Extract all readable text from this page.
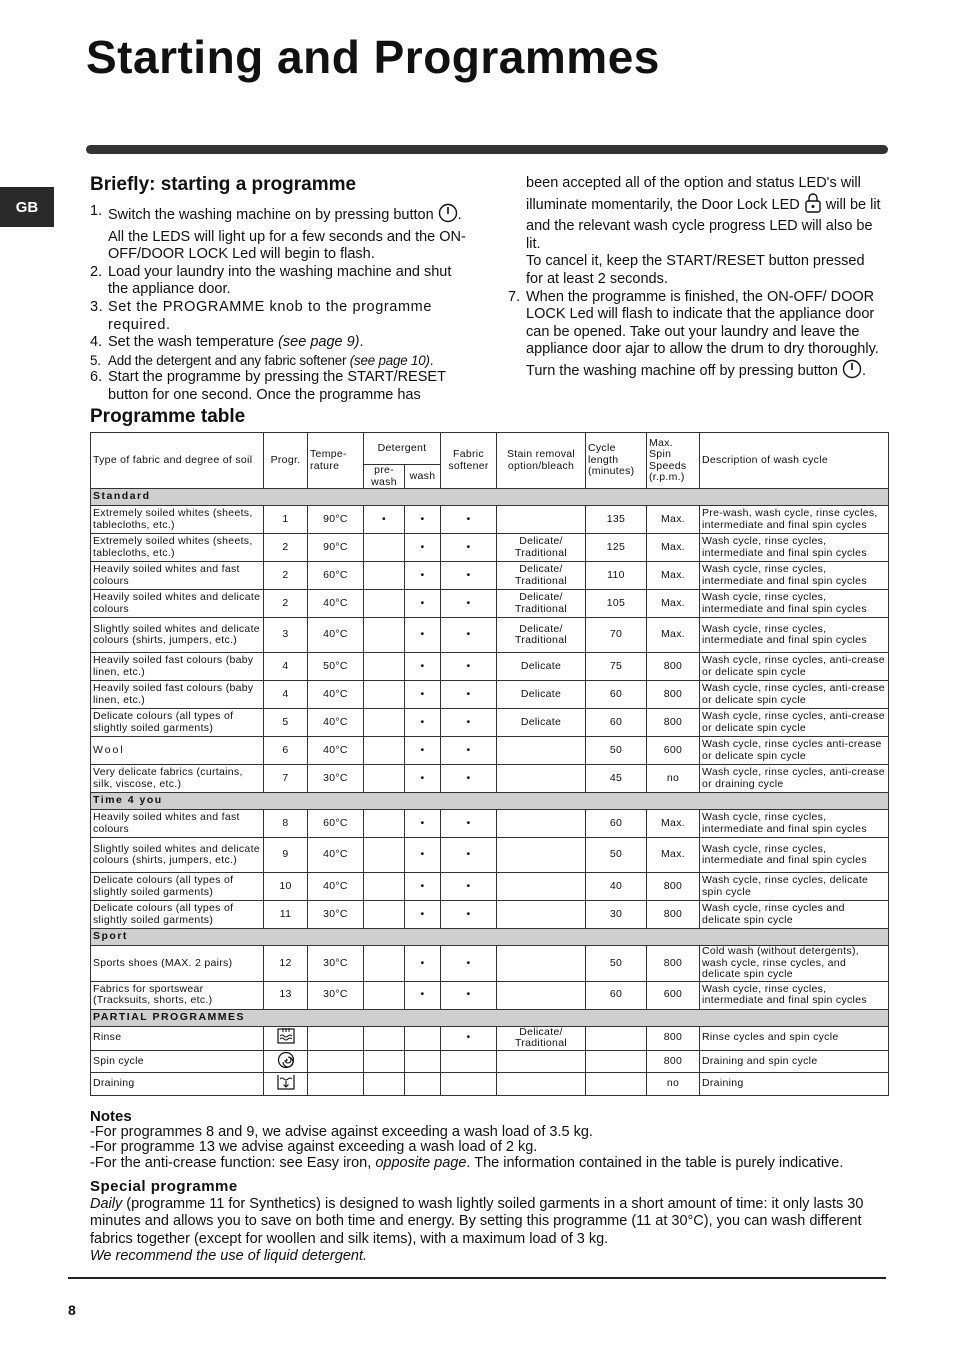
Starting and Programmes
GB
Briefly: starting a programme
1. Switch the washing machine on by pressing button . All the LEDS will light up for a few seconds and the ON-OFF/DOOR LOCK Led will begin to flash.
2. Load your laundry into the washing machine and shut the appliance door.
3. Set the PROGRAMME knob to the programme required.
4. Set the wash temperature (see page 9).
5. Add the detergent and any fabric softener (see page 10).
6. Start the programme by pressing the START/RESET button for one second. Once the programme has
been accepted all of the option and status LED's will illuminate momentarily, the Door Lock LED  will be lit and the relevant wash cycle progress LED will also be lit.
To cancel it, keep the START/RESET button pressed for at least 2 seconds.
7. When the programme is finished, the ON-OFF/ DOOR LOCK Led will flash to indicate that the appliance door can be opened. Take out your laundry and leave the appliance door ajar to allow the drum to dry thoroughly. Turn the washing machine off by pressing button .
Programme table
Type of fabric and degree of soil	Progr.	Tempe- rature	Detergent		Fabric softener	Stain removal option/bleach	Cycle length (minutes)	Max. Spin Speeds (r.p.m.)	Description of wash cycle
			pre- wash	wash					
Standard									
Extremely soiled whites (sheets, tablecloths, etc.)	1	90°C	•	•	•		135	Max.	Pre-wash, wash cycle, rinse cycles, intermediate and final spin cycles
Extremely soiled whites (sheets, tablecloths, etc.)	2	90°C		•	•	Delicate/ Traditional	125	Max.	Wash cycle, rinse cycles, intermediate and final spin cycles
Heavily soiled whites and fast colours	2	60°C		•	•	Delicate/ Traditional	110	Max.	Wash cycle, rinse cycles, intermediate and final spin cycles
Heavily soiled whites and delicate colours	2	40°C		•	•	Delicate/ Traditional	105	Max.	Wash cycle, rinse cycles, intermediate and final spin cycles
Slightly soiled whites and delicate colours (shirts, jumpers, etc.)	3	40°C		•	•	Delicate/ Traditional	70	Max.	Wash cycle, rinse cycles, intermediate and final spin cycles
Heavily soiled fast colours (baby linen, etc.)	4	50°C		•	•	Delicate	75	800	Wash cycle, rinse cycles, anti-crease or delicate spin cycle
Heavily soiled fast colours (baby linen, etc.)	4	40°C		•	•	Delicate	60	800	Wash cycle, rinse cycles, anti-crease or delicate spin cycle
Delicate colours (all types of slightly soiled garments)	5	40°C		•	•	Delicate	60	800	Wash cycle, rinse cycles, anti-crease or delicate spin cycle
Wool	6	40°C		•	•		50	600	Wash cycle, rinse cycles anti-crease or delicate spin cycle
Very delicate fabrics (curtains, silk, viscose, etc.)	7	30°C		•	•		45	no	Wash cycle, rinse cycles, anti-crease or draining cycle
Time 4 you									
Heavily soiled whites and fast colours	8	60°C		•	•		60	Max.	Wash cycle, rinse cycles, intermediate and final spin cycles
Slightly soiled whites and delicate colours (shirts, jumpers, etc.)	9	40°C		•	•		50	Max.	Wash cycle, rinse cycles, intermediate and final spin cycles
Delicate colours (all types of slightly soiled garments)	10	40°C		•	•		40	800	Wash cycle, rinse cycles, delicate spin cycle
Delicate colours (all types of slightly soiled garments)	11	30°C		•	•		30	800	Wash cycle, rinse cycles and delicate spin cycle
Sport									
Sports shoes (MAX. 2 pairs)	12	30°C		•	•		50	800	Cold wash (without detergents), wash cycle, rinse cycles, and delicate spin cycle
Fabrics for sportswear (Tracksuits, shorts, etc.)	13	30°C		•	•		60	600	Wash cycle, rinse cycles, intermediate and final spin cycles
PARTIAL PROGRAMMES									
Rinse					•	Delicate/ Traditional		800	Rinse cycles and spin cycle
Spin cycle								800	Draining and spin cycle
Draining								no	Draining
Notes
-For programmes 8 and 9, we advise against exceeding a wash load of 3.5 kg.
-For programme 13 we advise against exceeding a wash load of 2 kg.
-For the anti-crease function: see Easy iron, opposite page. The information contained in the table is purely indicative.
Special programme
Daily (programme 11 for Synthetics) is designed to wash lightly soiled garments in a short amount of time: it only lasts 30 minutes and allows you to save on both time and energy. By setting this programme (11 at 30°C), you can wash different fabrics together (except for woollen and silk items), with a maximum load of 3 kg.
We recommend the use of liquid detergent.
8
